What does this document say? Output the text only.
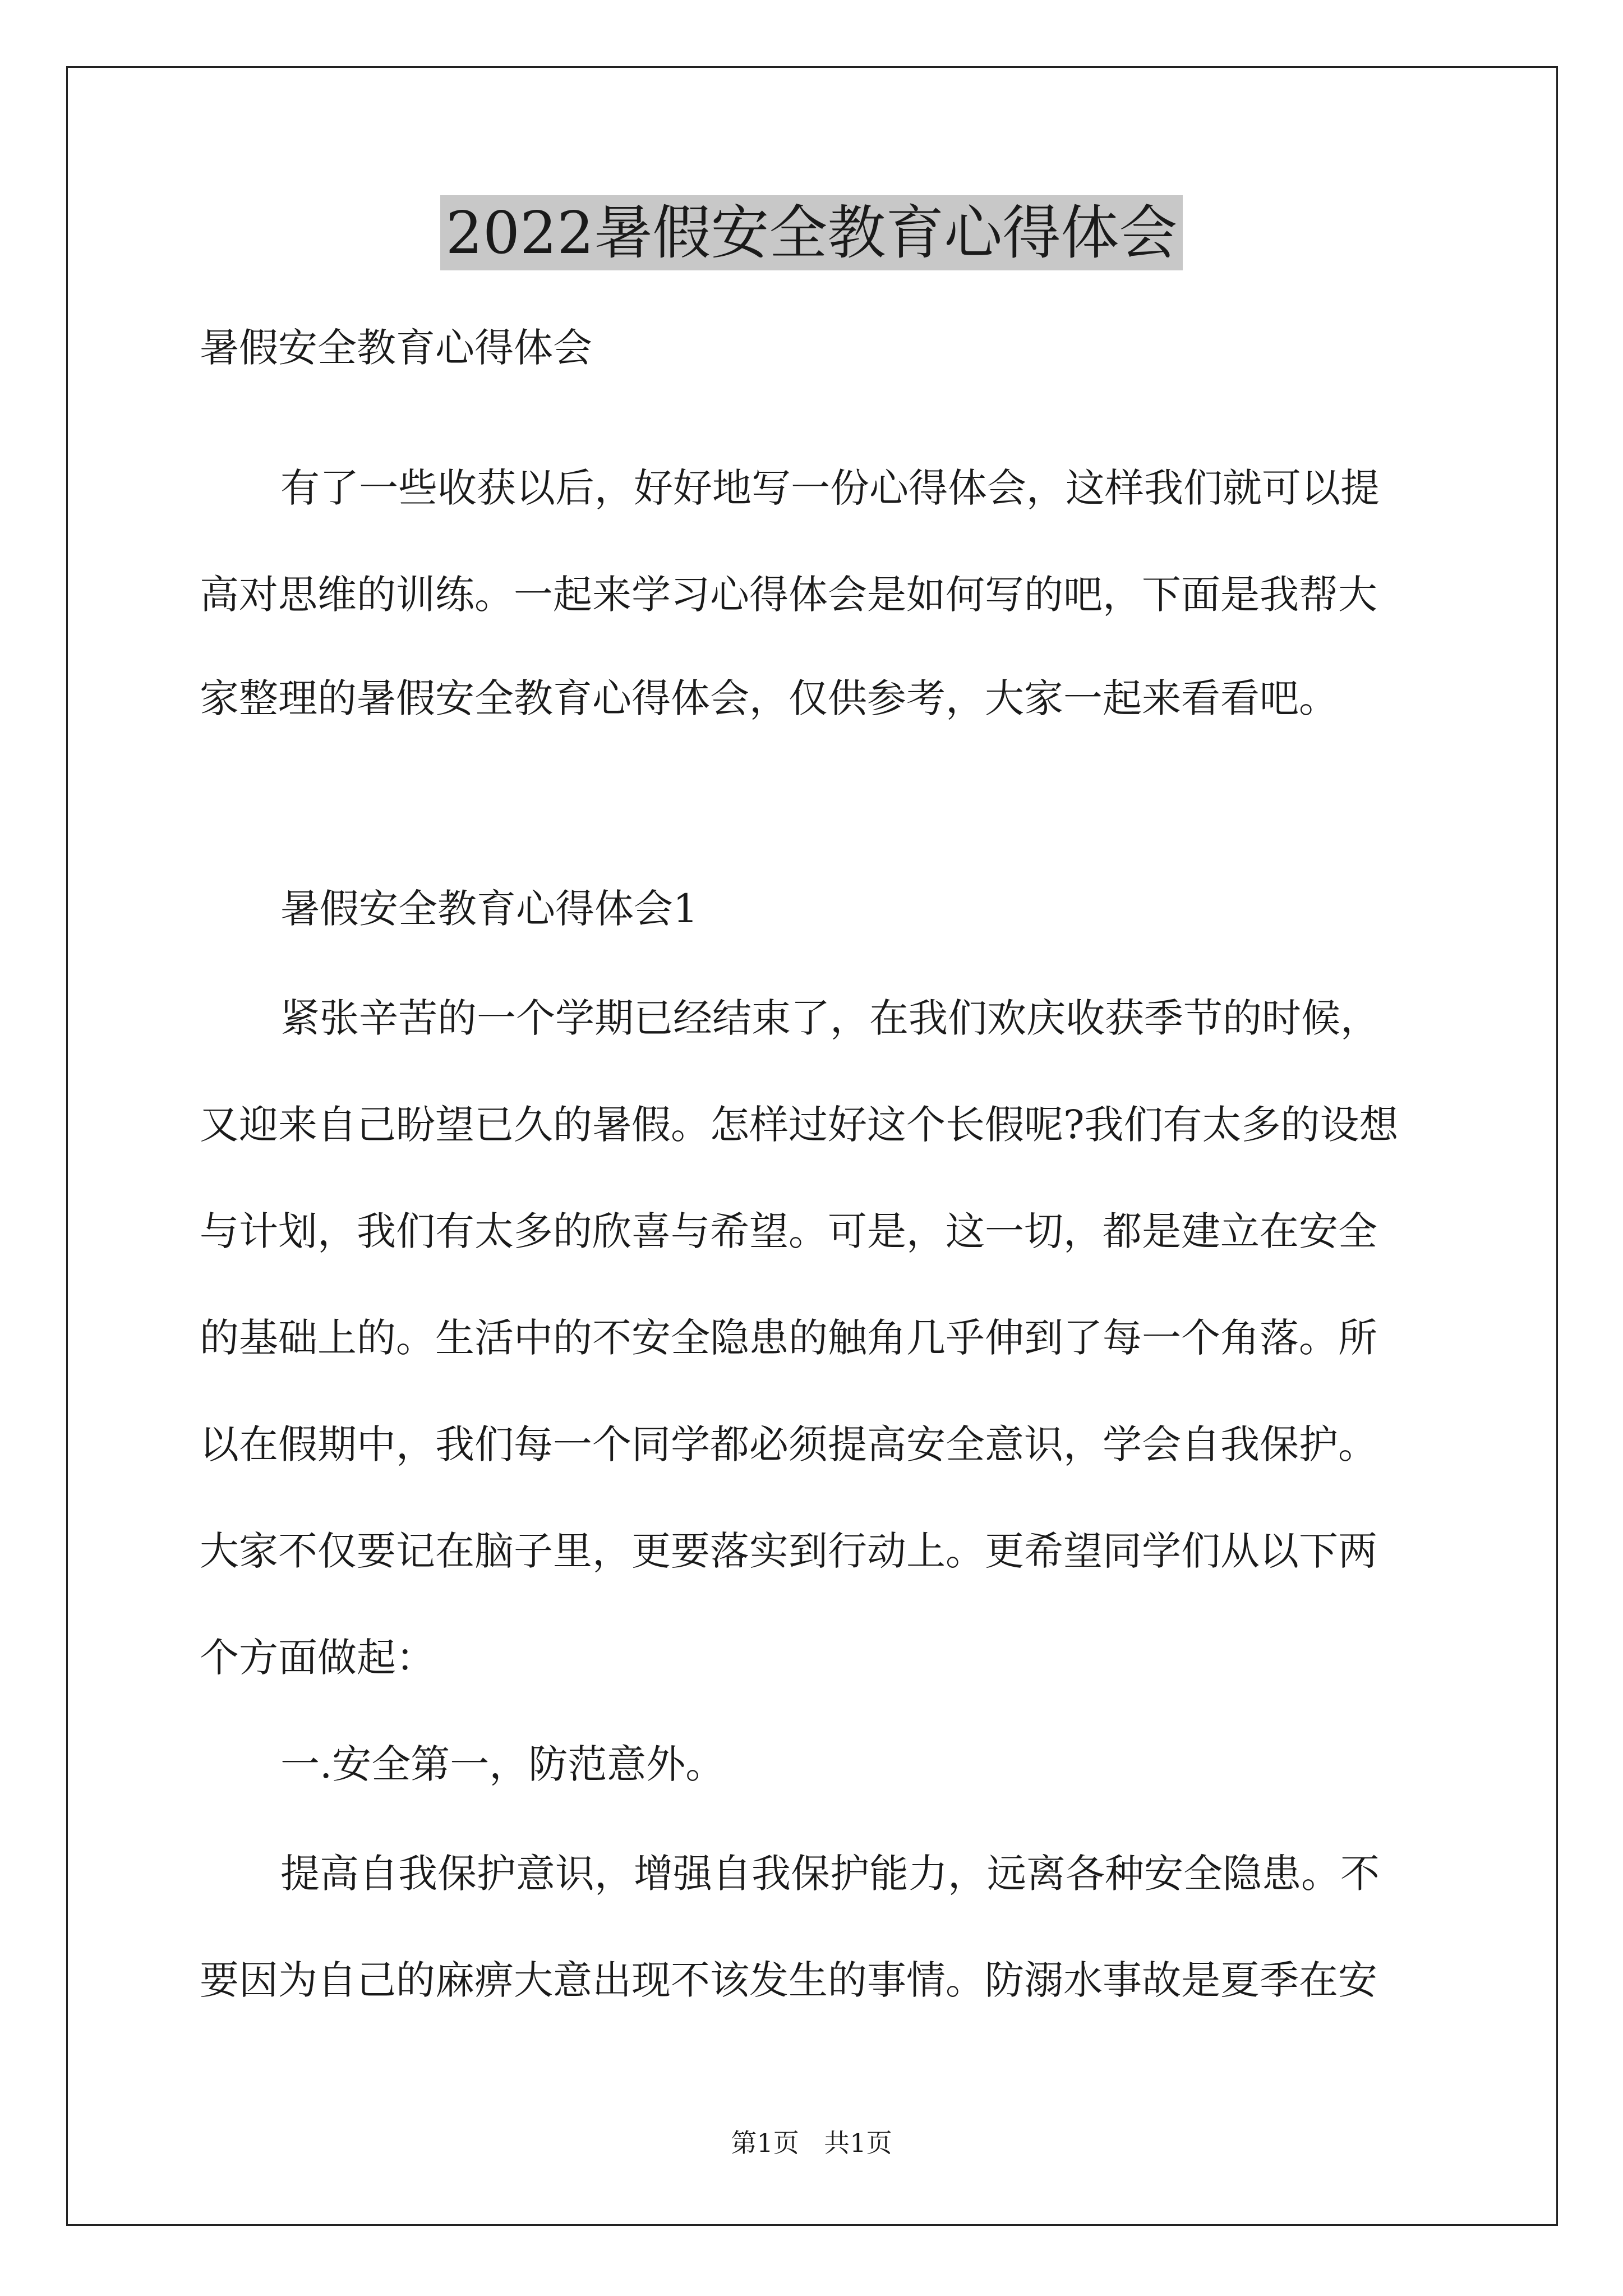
2022暑假安全教育心得体会

暑假安全教育心得体会

有了一些收获以后，好好地写一份心得体会，这样我们就可以提

高对思维的训练。一起来学习心得体会是如何写的吧，下面是我帮大

家整理的暑假安全教育心得体会，仅供参考，大家一起来看看吧。

暑假安全教育心得体会1

紧张辛苦的一个学期已经结束了，在我们欢庆收获季节的时候，

又迎来自己盼望已久的暑假。怎样过好这个长假呢?我们有太多的设想

与计划，我们有太多的欣喜与希望。可是，这一切，都是建立在安全

的基础上的。生活中的不安全隐患的触角几乎伸到了每一个角落。所

以在假期中，我们每一个同学都必须提高安全意识，学会自我保护。

大家不仅要记在脑子里，更要落实到行动上。更希望同学们从以下两

个方面做起：

一.安全第一，防范意外。

提高自我保护意识，增强自我保护能力，远离各种安全隐患。不

要因为自己的麻痹大意出现不该发生的事情。防溺水事故是夏季在安

第1页 共1页
